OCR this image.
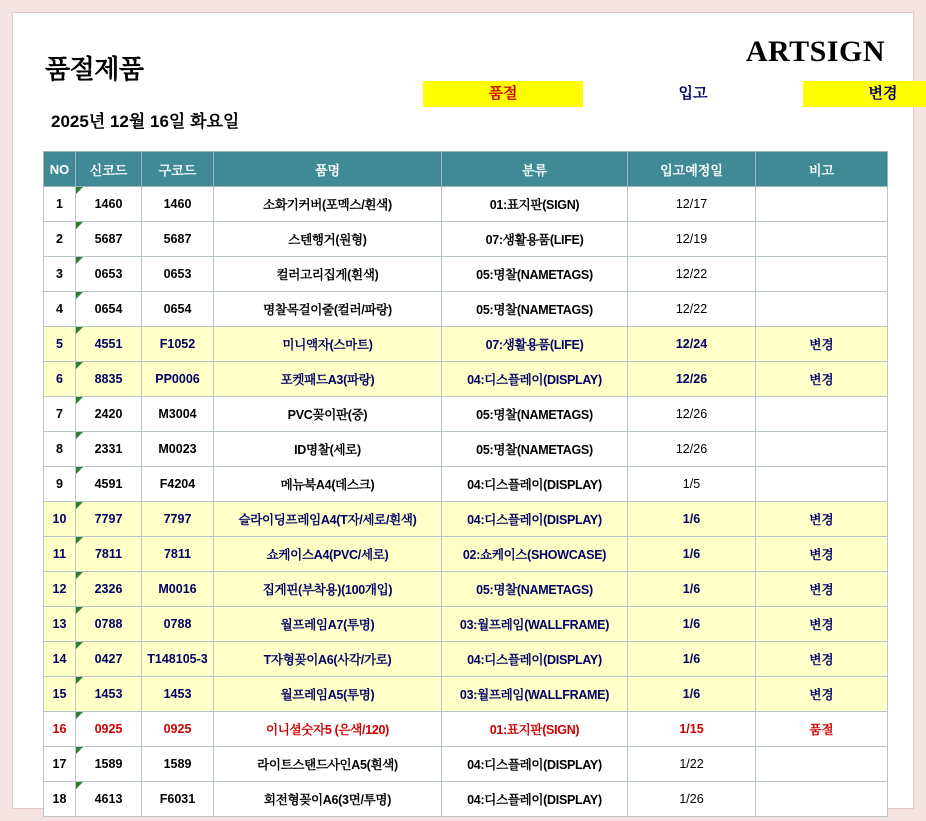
품절제품
ARTSIGN
품절	입고	변경
2025년 12월 16일 화요일
NO	신코드	구코드	품명	분류	입고예정일	비고
1	1460	1460	소화기커버(포멕스/흰색)	01:표지판(SIGN)	12/17	
2	5687	5687	스텐행거(원형)	07:생활용품(LIFE)	12/19	
3	0653	0653	컬러고리집게(흰색)	05:명찰(NAMETAGS)	12/22	
4	0654	0654	명찰목걸이줄(컬러/파랑)	05:명찰(NAMETAGS)	12/22	
5	4551	F1052	미니액자(스마트)	07:생활용품(LIFE)	12/24	변경
6	8835	PP0006	포켓패드A3(파랑)	04:디스플레이(DISPLAY)	12/26	변경
7	2420	M3004	PVC꽂이판(중)	05:명찰(NAMETAGS)	12/26	
8	2331	M0023	ID명찰(세로)	05:명찰(NAMETAGS)	12/26	
9	4591	F4204	메뉴북A4(데스크)	04:디스플레이(DISPLAY)	1/5	
10	7797	7797	슬라이딩프레임A4(T자/세로/흰색)	04:디스플레이(DISPLAY)	1/6	변경
11	7811	7811	쇼케이스A4(PVC/세로)	02:쇼케이스(SHOWCASE)	1/6	변경
12	2326	M0016	집게핀(부착용)(100개입)	05:명찰(NAMETAGS)	1/6	변경
13	0788	0788	월프레임A7(투명)	03:월프레임(WALLFRAME)	1/6	변경
14	0427	T148105-3	T자형꽂이A6(사각/가로)	04:디스플레이(DISPLAY)	1/6	변경
15	1453	1453	월프레임A5(투명)	03:월프레임(WALLFRAME)	1/6	변경
16	0925	0925	이니셜숫자5 (은색/120)	01:표지판(SIGN)	1/15	품절
17	1589	1589	라이트스탠드사인A5(흰색)	04:디스플레이(DISPLAY)	1/22	
18	4613	F6031	회전형꽂이A6(3면/투명)	04:디스플레이(DISPLAY)	1/26	
